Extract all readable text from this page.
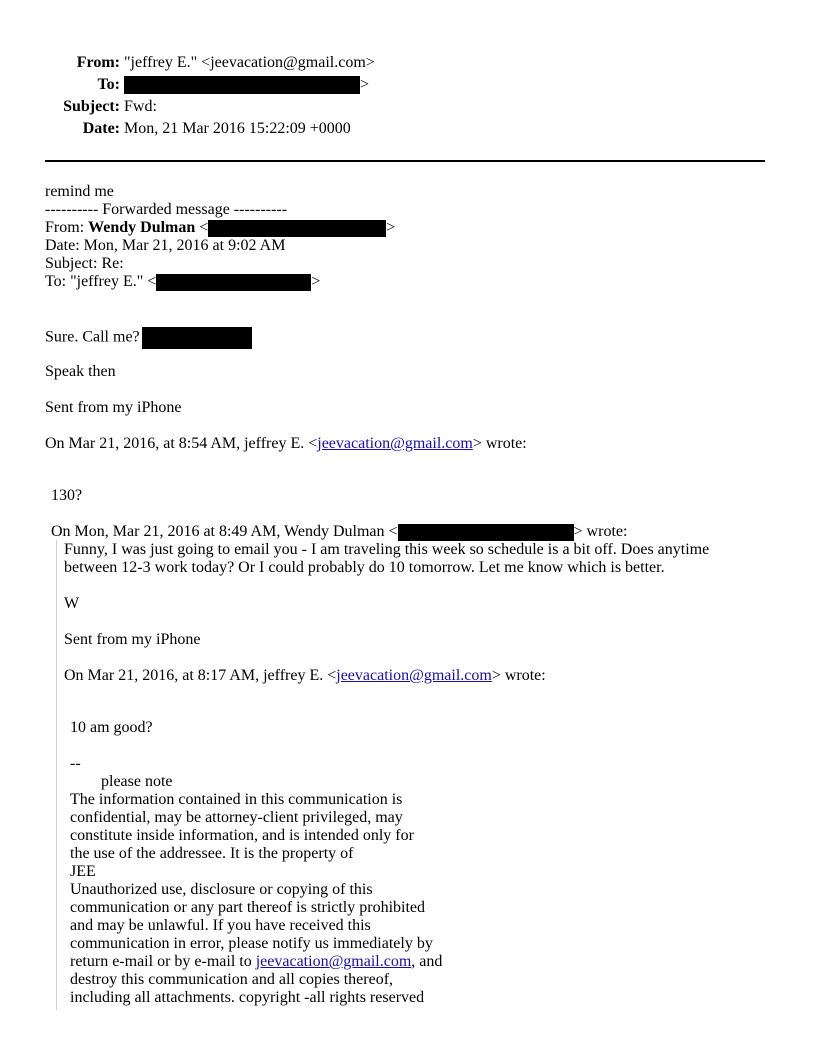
From: "jeffrey E." <jeevacation@gmail.com>
To:	>
Subject: Fwd:
Date: Mon, 21 Mar 2016 15:22:09 +0000
remind me
---------- Forwarded message ----------
From: Wendy Dulman <	>
Date: Mon, Mar 21, 2016 at 9:02 AM
Subject: Re:
To: "jeffrey E." <	>
Sure. Call me?
Speak then
Sent from my iPhone
On Mar 21, 2016, at 8:54 AM, jeffrey E. <jeevacation@gmail.com> wrote:
130?
On Mon, Mar 21, 2016 at 8:49 AM, Wendy Dulman <	> wrote:
Funny, I was just going to email you - I am traveling this week so schedule is a bit off. Does anytime
between 12-3 work today? Or I could probably do 10 tomorrow. Let me know which is better.
W
Sent from my iPhone
On Mar 21, 2016, at 8:17 AM, jeffrey E. <jeevacation@gmail.com> wrote:
10 am good?
--
please note
The information contained in this communication is
confidential, may be attorney-client privileged, may
constitute inside information, and is intended only for
the use of the addressee. It is the property of
JEE
Unauthorized use, disclosure or copying of this
communication or any part thereof is strictly prohibited
and may be unlawful. If you have received this
communication in error, please notify us immediately by
return e-mail or by e-mail to jeevacation@gmail.com, and
destroy this communication and all copies thereof,
including all attachments. copyright -all rights reserved
